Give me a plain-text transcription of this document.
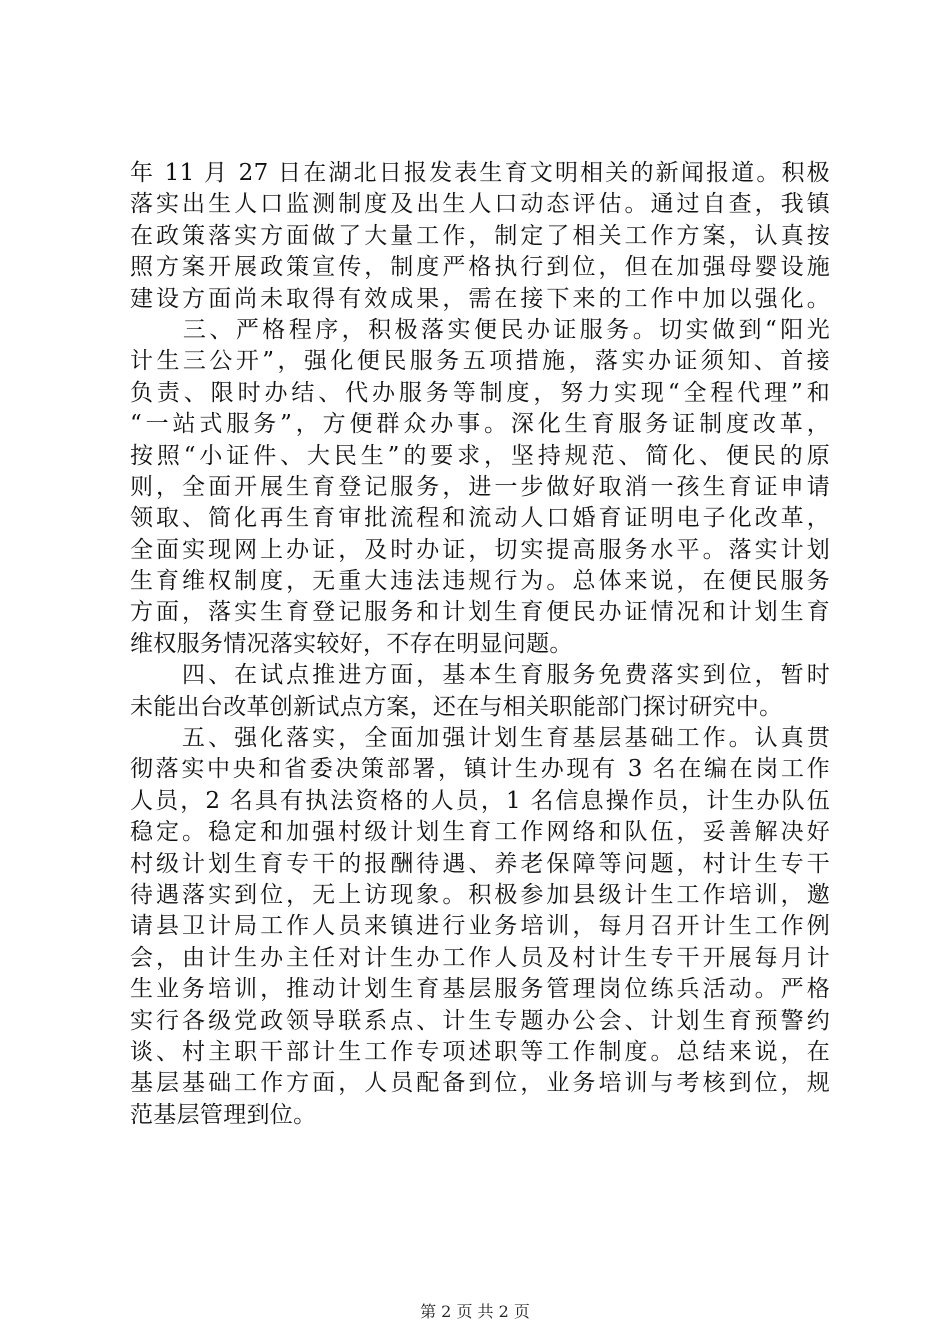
年 11 月 27 日在湖北日报发表生育文明相关的新闻报道。积极
落实出生人口监测制度及出生人口动态评估。通过自查，我镇
在政策落实方面做了大量工作，制定了相关工作方案，认真按
照方案开展政策宣传，制度严格执行到位，但在加强母婴设施
建设方面尚未取得有效成果，需在接下来的工作中加以强化。
　　三、严格程序，积极落实便民办证服务。切实做到“阳光
计生三公开”，强化便民服务五项措施，落实办证须知、首接
负责、限时办结、代办服务等制度，努力实现“全程代理”和
“一站式服务”，方便群众办事。深化生育服务证制度改革，
按照“小证件、大民生”的要求，坚持规范、简化、便民的原
则，全面开展生育登记服务，进一步做好取消一孩生育证申请
领取、简化再生育审批流程和流动人口婚育证明电子化改革，
全面实现网上办证，及时办证，切实提高服务水平。落实计划
生育维权制度，无重大违法违规行为。总体来说，在便民服务
方面，落实生育登记服务和计划生育便民办证情况和计划生育
维权服务情况落实较好，不存在明显问题。
　　四、在试点推进方面，基本生育服务免费落实到位，暂时
未能出台改革创新试点方案，还在与相关职能部门探讨研究中。
　　五、强化落实，全面加强计划生育基层基础工作。认真贯
彻落实中央和省委决策部署，镇计生办现有 3 名在编在岗工作
人员，2 名具有执法资格的人员，1 名信息操作员，计生办队伍
稳定。稳定和加强村级计划生育工作网络和队伍，妥善解决好
村级计划生育专干的报酬待遇、养老保障等问题，村计生专干
待遇落实到位，无上访现象。积极参加县级计生工作培训，邀
请县卫计局工作人员来镇进行业务培训，每月召开计生工作例
会，由计生办主任对计生办工作人员及村计生专干开展每月计
生业务培训，推动计划生育基层服务管理岗位练兵活动。严格
实行各级党政领导联系点、计生专题办公会、计划生育预警约
谈、村主职干部计生工作专项述职等工作制度。总结来说，在
基层基础工作方面，人员配备到位，业务培训与考核到位，规
范基层管理到位。
第 2 页 共 2 页
